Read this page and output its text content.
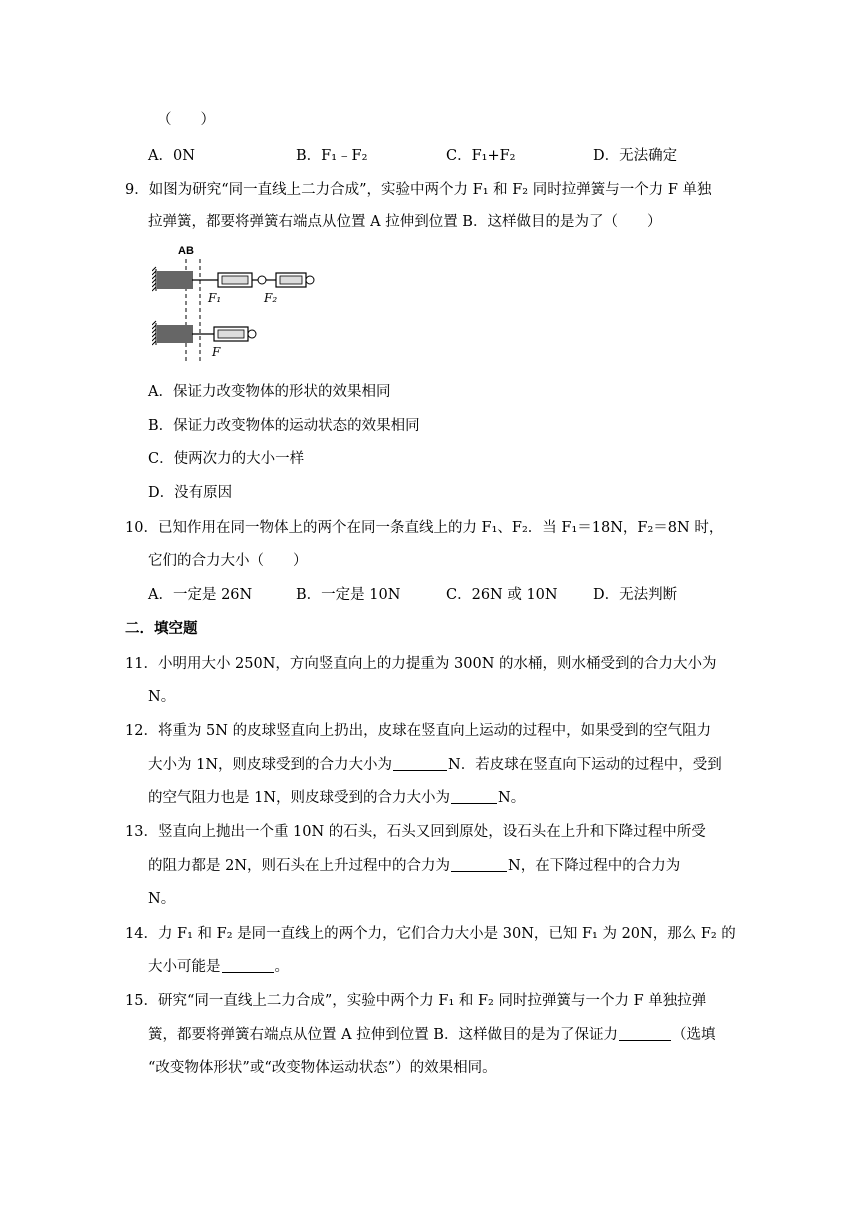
（　　）
A．0N	B．F₁﹣F₂	C．F₁+F₂	D．无法确定
9．如图为研究“同一直线上二力合成”，实验中两个力 F₁ 和 F₂ 同时拉弹簧与一个力 F 单独
拉弹簧，都要将弹簧右端点从位置 A 拉伸到位置 B．这样做目的是为了（　　）
AB
F₁	F₂
F
A．保证力改变物体的形状的效果相同
B．保证力改变物体的运动状态的效果相同
C．使两次力的大小一样
D．没有原因
10．已知作用在同一物体上的两个在同一条直线上的力 F₁、F₂．当 F₁＝18N，F₂＝8N 时，
它们的合力大小（　　）
A．一定是 26N	B．一定是 10N	C．26N 或 10N D．无法判断
二．填空题
11．小明用大小 250N，方向竖直向上的力提重为 300N 的水桶，则水桶受到的合力大小为
N。
12．将重为 5N 的皮球竖直向上扔出，皮球在竖直向上运动的过程中，如果受到的空气阻力
大小为 1N，则皮球受到的合力大小为	N．若皮球在竖直向下运动的过程中，受到
的空气阻力也是 1N，则皮球受到的合力大小为	N。
13．竖直向上抛出一个重 10N 的石头，石头又回到原处，设石头在上升和下降过程中所受
的阻力都是 2N，则石头在上升过程中的合力为	N，在下降过程中的合力为
N。
14．力 F₁ 和 F₂ 是同一直线上的两个力，它们合力大小是 30N，已知 F₁ 为 20N，那么 F₂ 的
大小可能是	。
15．研究“同一直线上二力合成”，实验中两个力 F₁ 和 F₂ 同时拉弹簧与一个力 F 单独拉弹
簧，都要将弹簧右端点从位置 A 拉伸到位置 B．这样做目的是为了保证力	（选填
“改变物体形状”或“改变物体运动状态”）的效果相同。
